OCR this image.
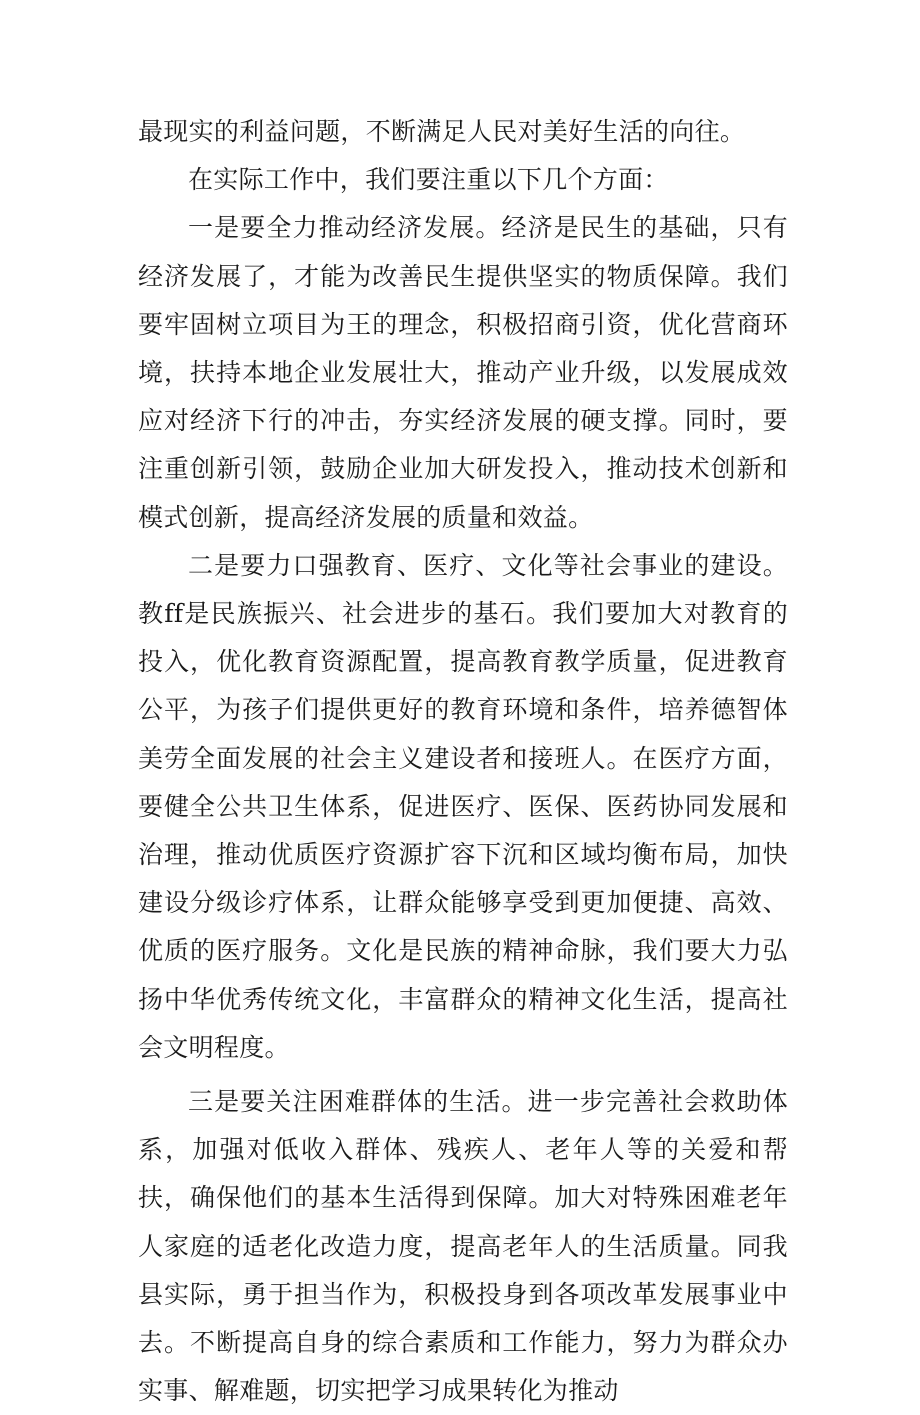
最现实的利益问题，不断满足人民对美好生活的向往。

在实际工作中，我们要注重以下几个方面：

一是要全力推动经济发展。经济是民生的基础，只有经济发展了，才能为改善民生提供坚实的物质保障。我们要牢固树立项目为王的理念，积极招商引资，优化营商环境，扶持本地企业发展壮大，推动产业升级，以发展成效应对经济下行的冲击，夯实经济发展的硬支撑。同时，要注重创新引领，鼓励企业加大研发投入，推动技术创新和模式创新，提高经济发展的质量和效益。

二是要力口强教育、医疗、文化等社会事业的建设。教ff是民族振兴、社会进步的基石。我们要加大对教育的投入，优化教育资源配置，提高教育教学质量，促进教育公平，为孩子们提供更好的教育环境和条件，培养德智体美劳全面发展的社会主义建设者和接班人。在医疗方面，要健全公共卫生体系，促进医疗、医保、医药协同发展和治理，推动优质医疗资源扩容下沉和区域均衡布局，加快建设分级诊疗体系，让群众能够享受到更加便捷、高效、优质的医疗服务。文化是民族的精神命脉，我们要大力弘扬中华优秀传统文化，丰富群众的精神文化生活，提高社会文明程度。

三是要关注困难群体的生活。进一步完善社会救助体系，加强对低收入群体、残疾人、老年人等的关爱和帮扶，确保他们的基本生活得到保障。加大对特殊困难老年人家庭的适老化改造力度，提高老年人的生活质量。同我县实际，勇于担当作为，积极投身到各项改革发展事业中去。不断提高自身的综合素质和工作能力，努力为群众办实事、解难题，切实把学习成果转化为推动
